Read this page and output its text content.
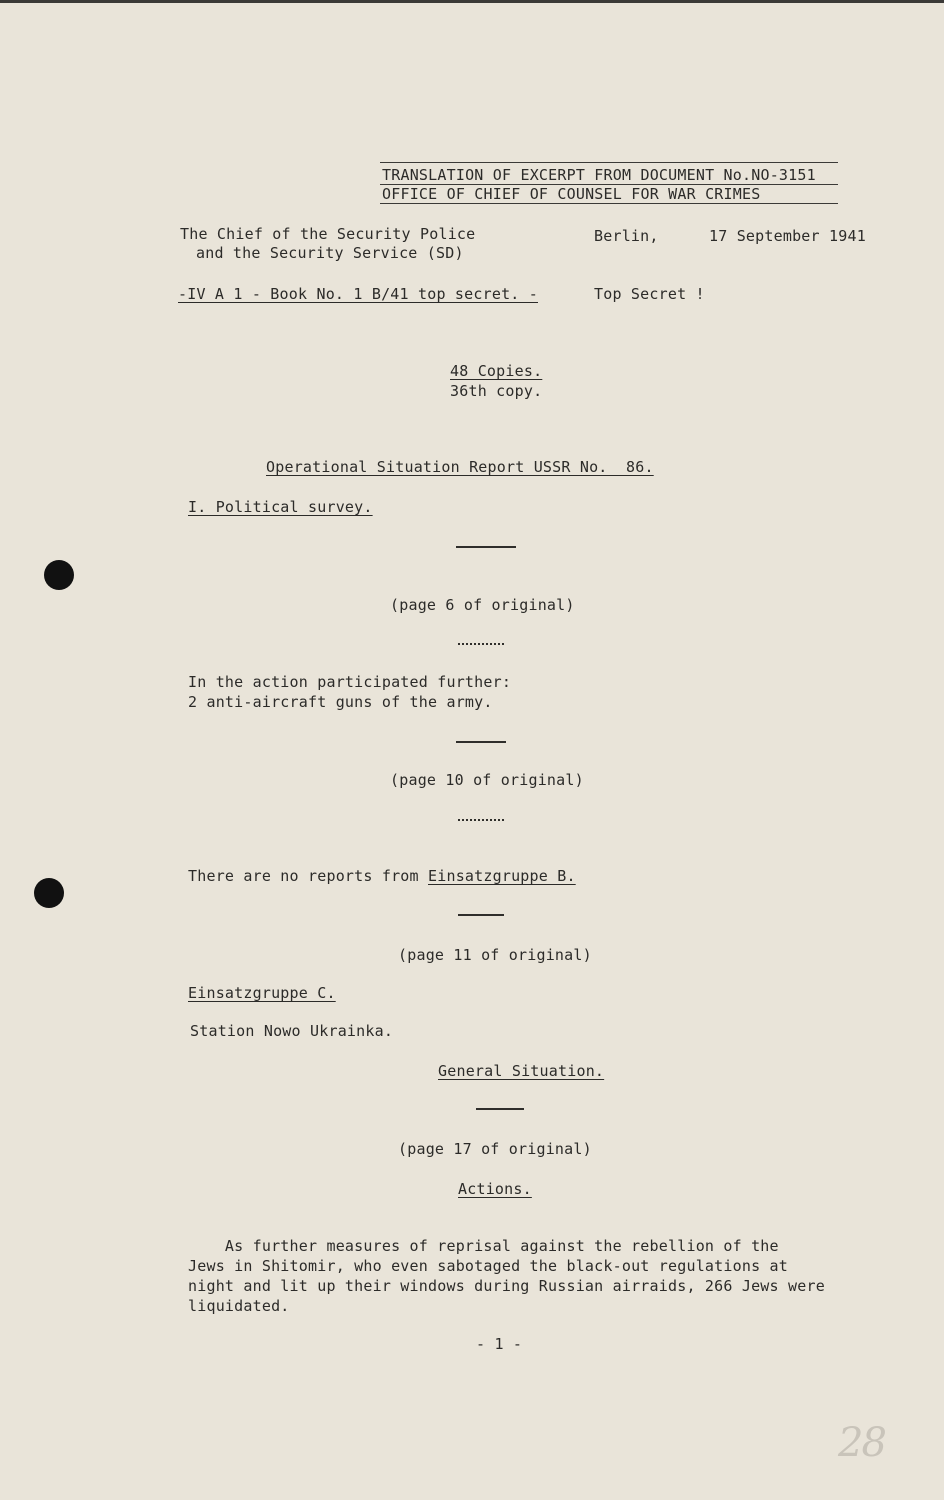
TRANSLATION OF EXCERPT FROM DOCUMENT No.NO-3151
OFFICE OF CHIEF OF COUNSEL FOR WAR CRIMES
The Chief of the Security Police
and the Security Service (SD)
Berlin,	17 September 1941
-IV A 1 - Book No. 1 B/41 top secret. -	Top Secret !
48 Copies.
36th copy.
Operational Situation Report USSR No.  86.
I. Political survey.
(page 6 of original)
In the action participated further:
2 anti-aircraft guns of the army.
(page 10 of original)
There are no reports from Einsatzgruppe B.
(page 11 of original)
Einsatzgruppe C.
Station Nowo Ukrainka.
General Situation.
(page 17 of original)
Actions.
As further measures of reprisal against the rebellion of the
Jews in Shitomir, who even sabotaged the black-out regulations at
night and lit up their windows during Russian airraids, 266 Jews were
liquidated.
- 1 -
28
